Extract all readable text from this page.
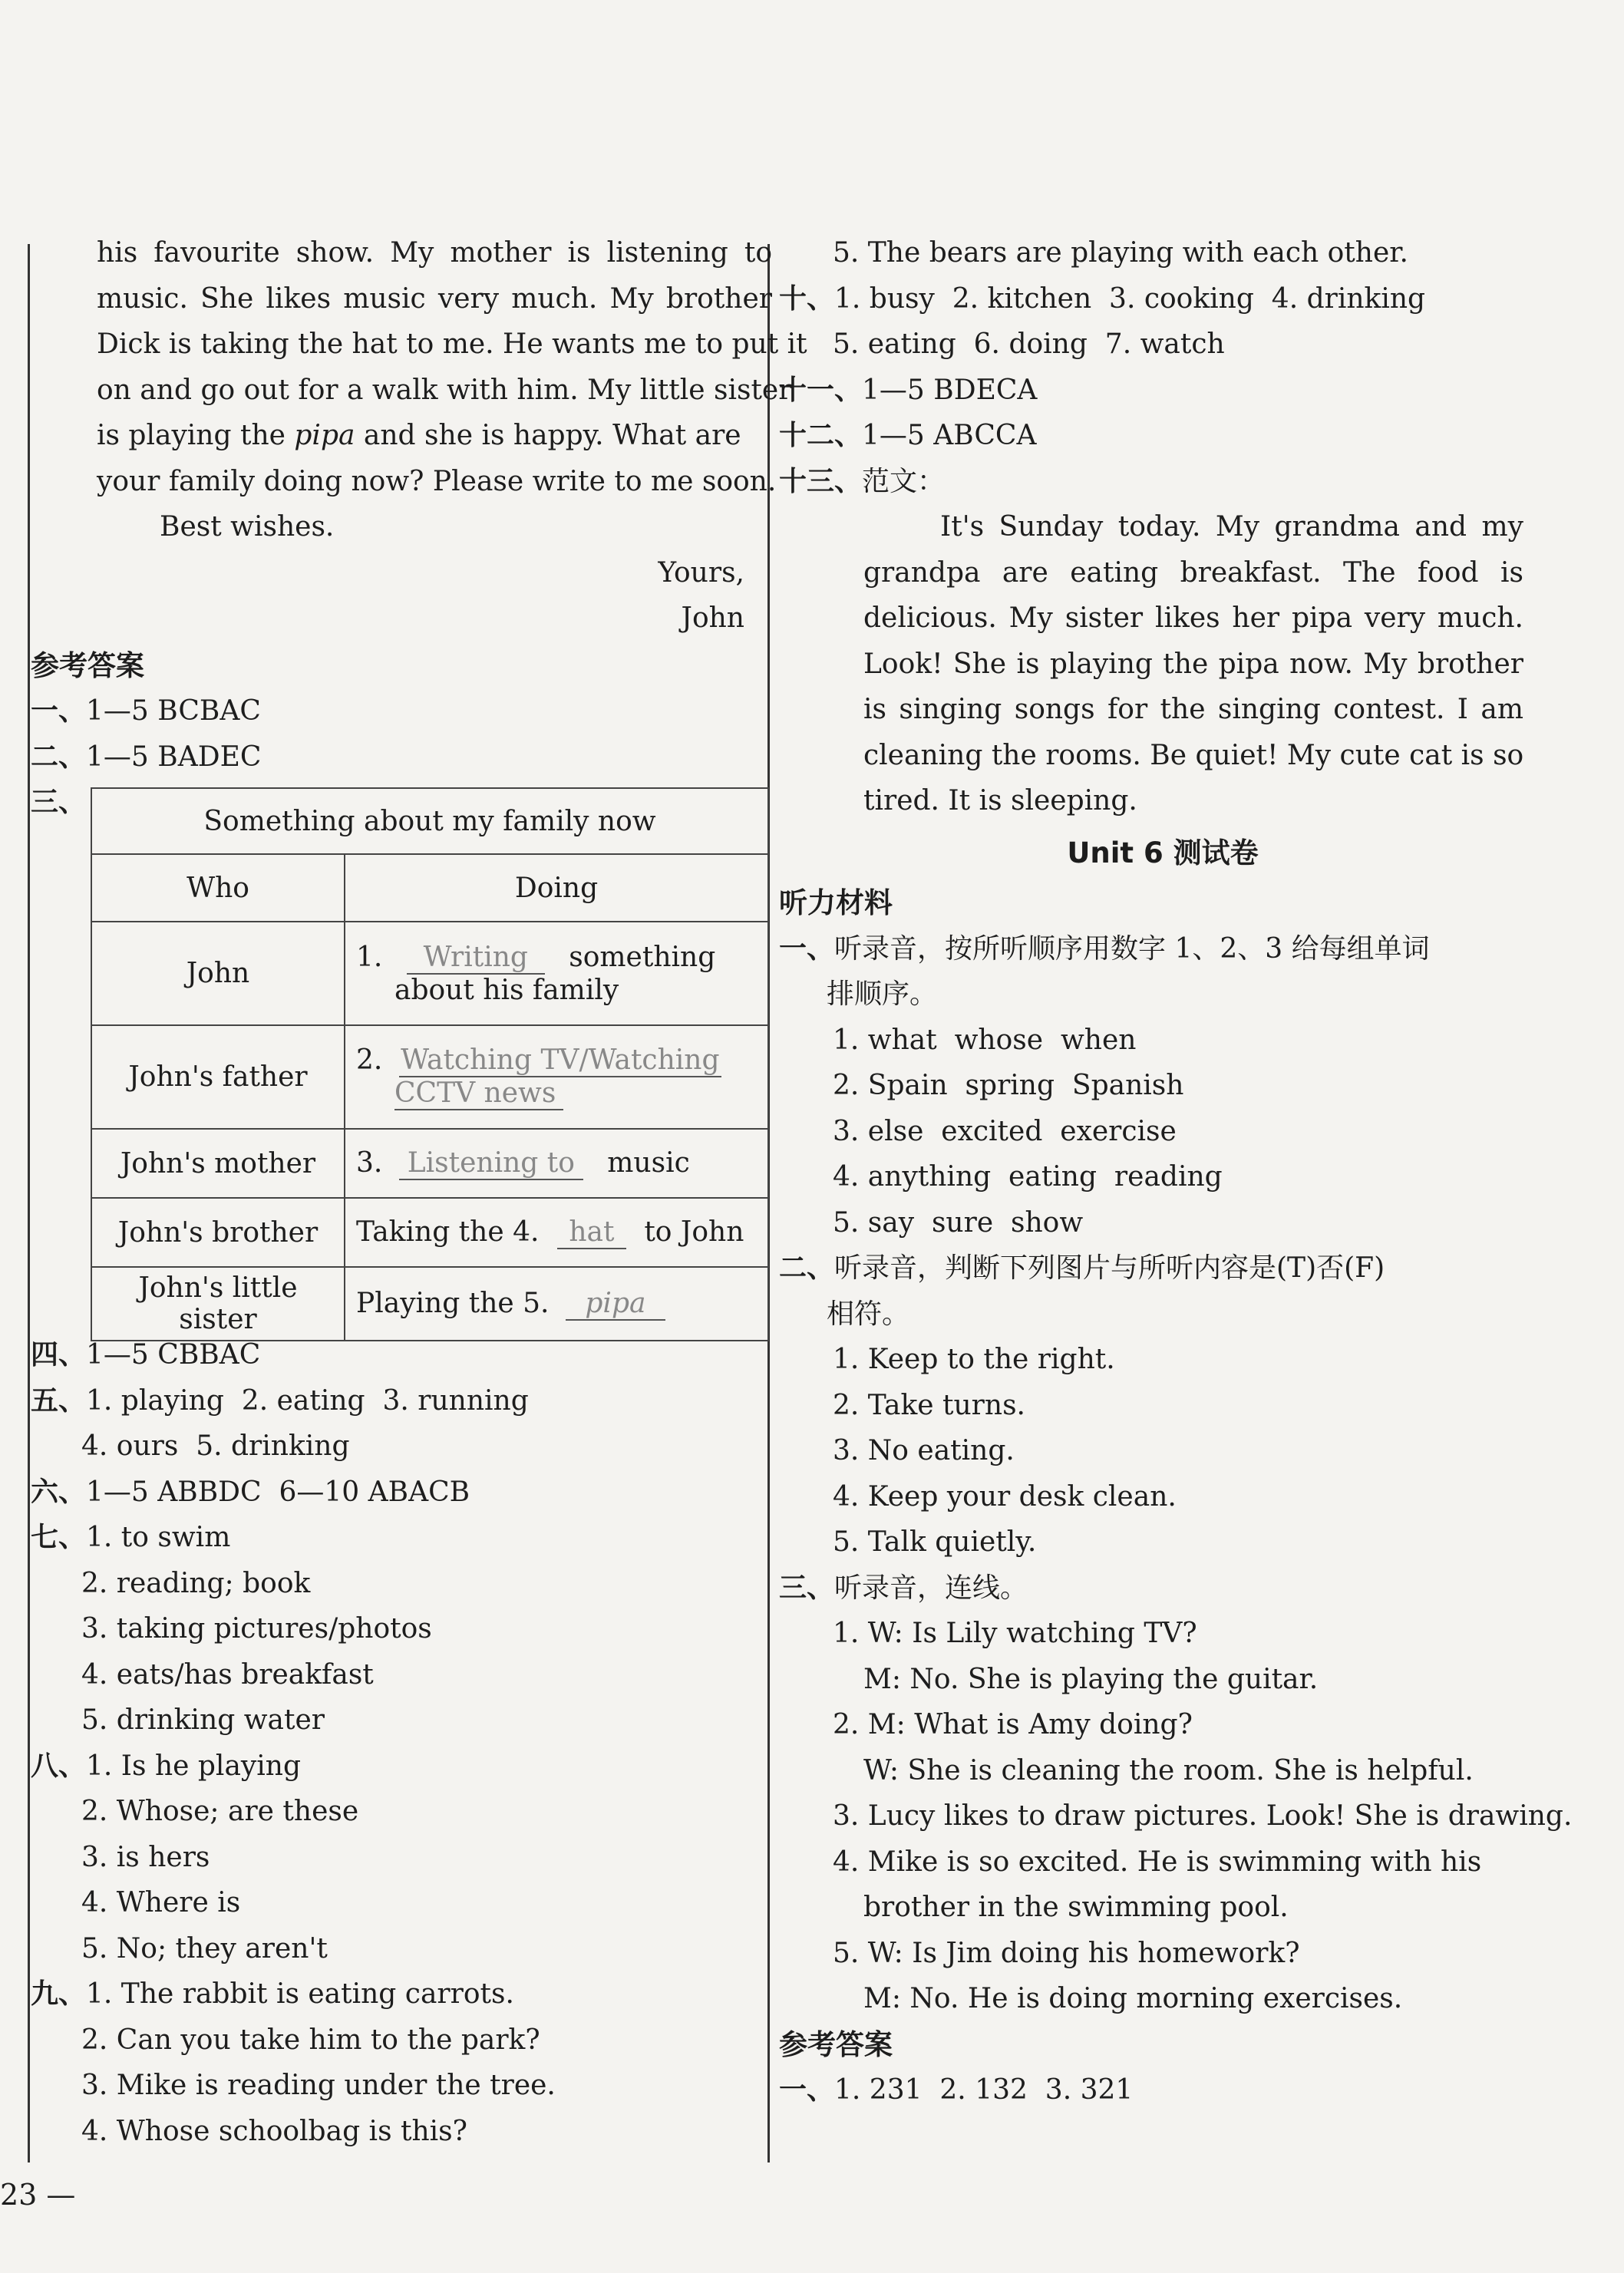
his favourite show. My mother is listening to
music. She likes music very much. My brother
Dick is taking the hat to me. He wants me to put it
on and go out for a walk with him. My little sister
is playing the pipa and she is happy. What are
your family doing now? Please write to me soon.
Best wishes.
Yours,
John
参考答案
一、1—5 BCBAC
二、1—5 BADEC
三、
Something about my family now	
Who	Doing
John	1. Writing something
about his family
John's father	2. Watching TV/Watching
CCTV news
John's mother	3. Listening to music
John's brother	Taking the 4. hat to John
John's little sister	Playing the 5. pipa
四、1—5 CBBAC
五、1. playing  2. eating  3. running
4. ours  5. drinking
六、1—5 ABBDC  6—10 ABACB
七、1. to swim
2. reading; book
3. taking pictures/photos
4. eats/has breakfast
5. drinking water
八、1. Is he playing
2. Whose; are these
3. is hers
4. Where is
5. No; they aren't
九、1. The rabbit is eating carrots.
2. Can you take him to the park?
3. Mike is reading under the tree.
4. Whose schoolbag is this?
23 —
5. The bears are playing with each other.
十、1. busy  2. kitchen  3. cooking  4. drinking
5. eating  6. doing  7. watch
十一、1—5 BDECA
十二、1—5 ABCCA
十三、范文：
It's Sunday today. My grandma and my
grandpa are eating breakfast. The food is
delicious. My sister likes her pipa very much.
Look! She is playing the pipa now. My brother
is singing songs for the singing contest. I am
cleaning the rooms. Be quiet! My cute cat is so
tired. It is sleeping.
Unit 6 测试卷
听力材料
一、听录音，按所听顺序用数字 1、2、3 给每组单词
排顺序。
1. what  whose  when
2. Spain  spring  Spanish
3. else  excited  exercise
4. anything  eating  reading
5. say  sure  show
二、听录音，判断下列图片与所听内容是(T)否(F)
相符。
1. Keep to the right.
2. Take turns.
3. No eating.
4. Keep your desk clean.
5. Talk quietly.
三、听录音，连线。
1. W: Is Lily watching TV?
M: No. She is playing the guitar.
2. M: What is Amy doing?
W: She is cleaning the room. She is helpful.
3. Lucy likes to draw pictures. Look! She is drawing.
4. Mike is so excited. He is swimming with his
brother in the swimming pool.
5. W: Is Jim doing his homework?
M: No. He is doing morning exercises.
参考答案
一、1. 231  2. 132  3. 321
